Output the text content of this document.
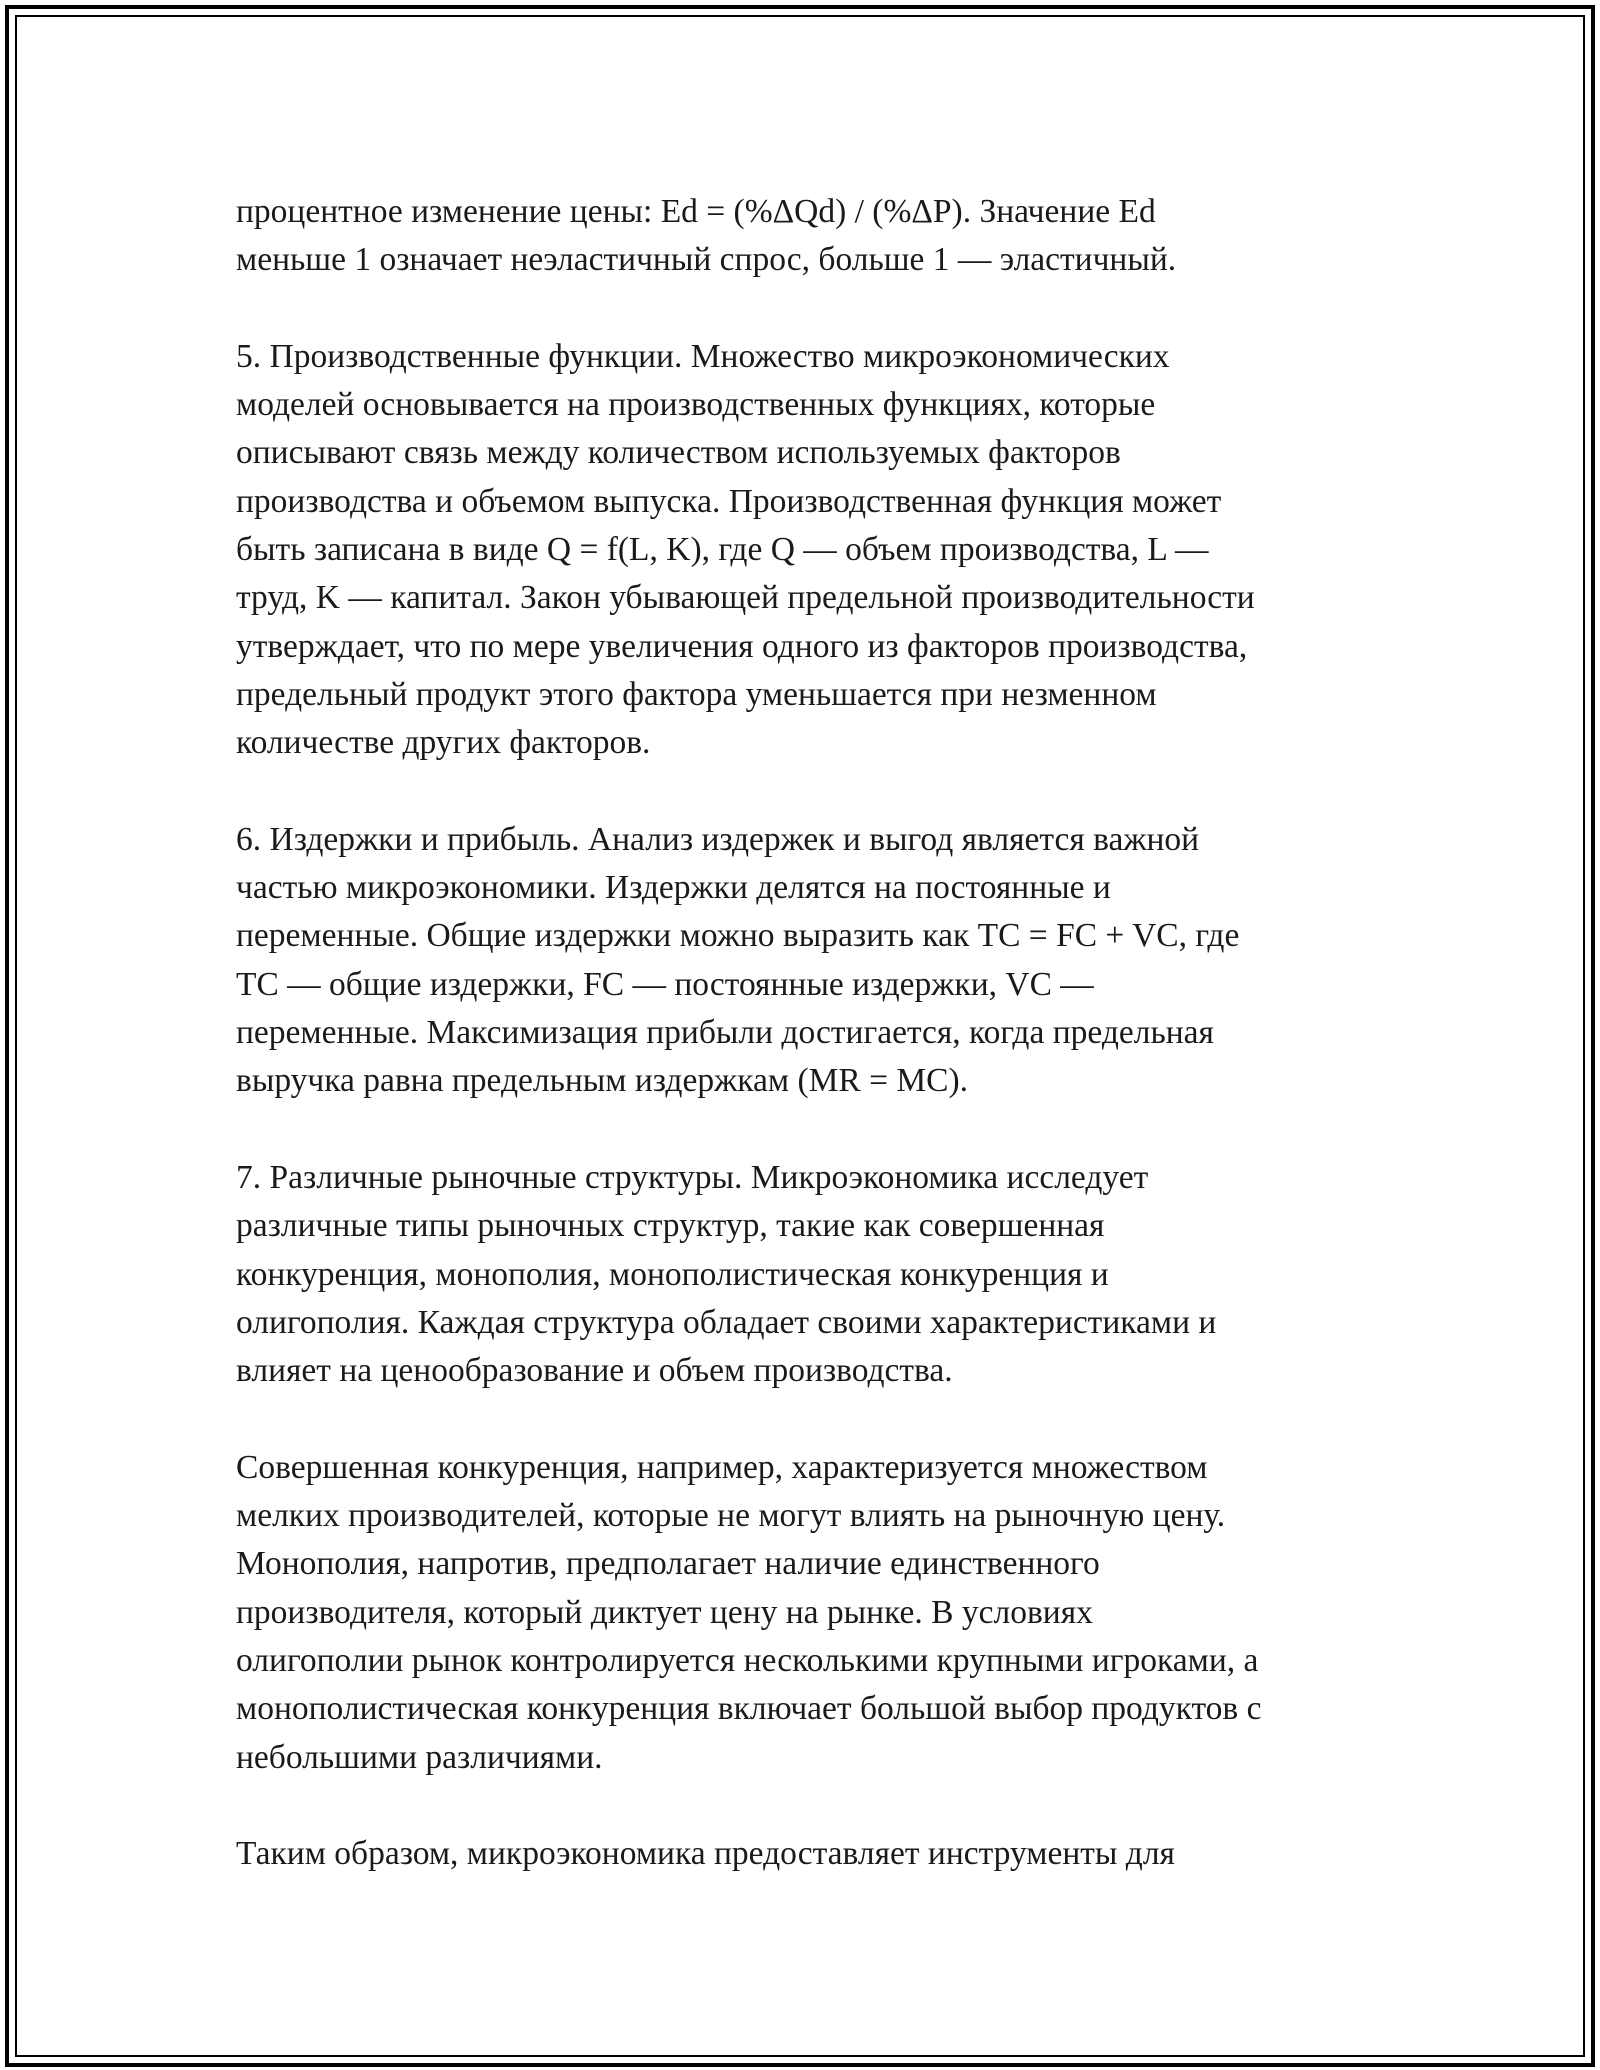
процентное изменение цены: Ed = (%ΔQd) / (%ΔP). Значение Ed
меньше 1 означает неэластичный спрос, больше 1 — эластичный.

5. Производственные функции. Множество микроэкономических
моделей основывается на производственных функциях, которые
описывают связь между количеством используемых факторов
производства и объемом выпуска. Производственная функция может
быть записана в виде Q = f(L, K), где Q — объем производства, L —
труд, K — капитал. Закон убывающей предельной производительности
утверждает, что по мере увеличения одного из факторов производства,
предельный продукт этого фактора уменьшается при незменном
количестве других факторов.

6. Издержки и прибыль. Анализ издержек и выгод является важной
частью микроэкономики. Издержки делятся на постоянные и
переменные. Общие издержки можно выразить как TC = FC + VC, где
TC — общие издержки, FC — постоянные издержки, VC —
переменные. Максимизация прибыли достигается, когда предельная
выручка равна предельным издержкам (MR = MC).

7. Различные рыночные структуры. Микроэкономика исследует
различные типы рыночных структур, такие как совершенная
конкуренция, монополия, монополистическая конкуренция и
олигополия. Каждая структура обладает своими характеристиками и
влияет на ценообразование и объем производства.

Совершенная конкуренция, например, характеризуется множеством
мелких производителей, которые не могут влиять на рыночную цену.
Монополия, напротив, предполагает наличие единственного
производителя, который диктует цену на рынке. В условиях
олигополии рынок контролируется несколькими крупными игроками, а
монополистическая конкуренция включает большой выбор продуктов с
небольшими различиями.

Таким образом, микроэкономика предоставляет инструменты для
